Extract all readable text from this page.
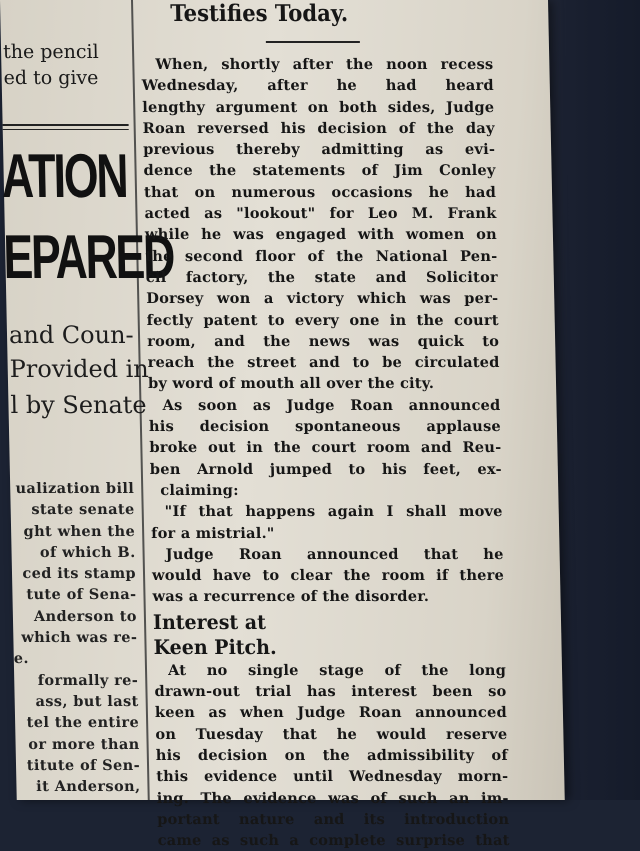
the pencil
ed to give
ATION
EPARED
and Coun-
Provided in
l by Senate
ualization bill
state senate
ght when the
of which B.
ced its stamp
tute of Sena-
Anderson to
which was re-
e.
formally re-
ass, but last
tel the entire
or more than
titute of Sen-
it Anderson,
Testifies Today.
When, shortly after the noon recess
Wednesday, after he had heard
lengthy argument on both sides, Judge
Roan reversed his decision of the day
previous thereby admitting as evi-
dence the statements of Jim Conley
that on numerous occasions he had
acted as "lookout" for Leo M. Frank
while he was engaged with women on
the second floor of the National Pen-
cil factory, the state and Solicitor
Dorsey won a victory which was per-
fectly patent to every one in the court
room, and the news was quick to
reach the street and to be circulated
by word of mouth all over the city.
As soon as Judge Roan announced
his decision spontaneous applause
broke out in the court room and Reu-
ben Arnold jumped to his feet, ex-
claiming:
"If that happens again I shall move
for a mistrial."
Judge Roan announced that he
would have to clear the room if there
was a recurrence of the disorder.
Interest at
Keen Pitch.
At no single stage of the long
drawn-out trial has interest been so
keen as when Judge Roan announced
on Tuesday that he would reserve
his decision on the admissibility of
this evidence until Wednesday morn-
ing. The evidence was of such an im-
portant nature and its introduction
came as such a complete surprise that
